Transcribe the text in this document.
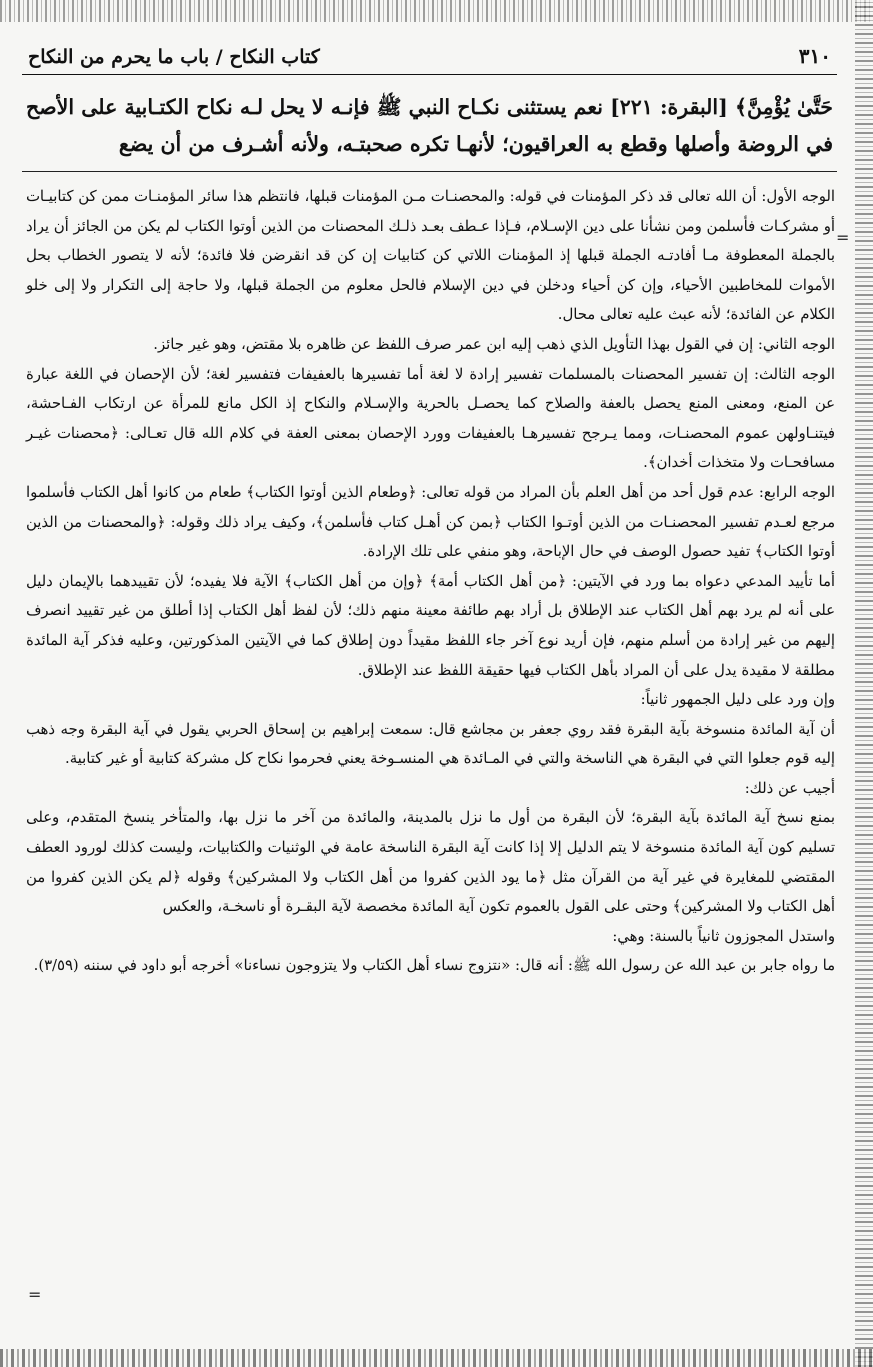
=
=
٣١٠
كتاب النكاح / باب ما يحرم من النكاح
حَتَّىٰ يُؤْمِنَّ﴾ [البقرة: ٢٢١] نعم يستثنى نكـاح النبي ﷺ فإنـه لا يحل لـه نكاح الكتـابية على الأصح في الروضة وأصلها وقطع به العراقيون؛ لأنهـا تكره صحبتـه، ولأنه أشـرف من أن يضع

الوجه الأول: أن الله تعالى قد ذكر المؤمنات في قوله: والمحصنـات مـن المؤمنات قبلها، فانتظم هذا سائر المؤمنـات ممن كن كتابيـات أو مشركـات فأسلمن ومن نشأنا على دين الإسـلام، فـإذا عـطف بعـد ذلـك المحصنات من الذين أوتوا الكتاب لم يكن من الجائز أن يراد بالجملة المعطوفة مـا أفادتـه الجملة قبلها إذ المؤمنات اللاتي كن كتابيات إن كن قد انقرضن فلا فائدة؛ لأنه لا يتصور الخطاب بحل الأموات للمخاطبين الأحياء، وإن كن أحياء ودخلن في دين الإسلام فالحل معلوم من الجملة قبلها، ولا حاجة إلى التكرار ولا إلى خلو الكلام عن الفائدة؛ لأنه عبث عليه تعالى محال.

الوجه الثاني: إن في القول بهذا التأويل الذي ذهب إليه ابن عمر صرف اللفظ عن ظاهره بلا مقتض، وهو غير جائز.

الوجه الثالث: إن تفسير المحصنات بالمسلمات تفسير إرادة لا لغة أما تفسيرها بالعفيفات فتفسير لغة؛ لأن الإحصان في اللغة عبارة عن المنع، ومعنى المنع يحصل بالعفة والصلاح كما يحصـل بالحرية والإسـلام والنكاح إذ الكل مانع للمرأة عن ارتكاب الفـاحشة، فيتنـاولهن عموم المحصنـات، ومما يـرجح تفسيرهـا بالعفيفات وورد الإحصان بمعنى العفة في كلام الله قال تعـالى: ﴿محصنات غيـر مسافحـات ولا متخذات أخدان﴾.

الوجه الرابع: عدم قول أحد من أهل العلم بأن المراد من قوله تعالى: ﴿وطعام الذين أوتوا الكتاب﴾ طعام من كانوا أهل الكتاب فأسلموا مرجع لعـدم تفسير المحصنـات من الذين أوتـوا الكتاب ﴿بمن كن أهـل كتاب فأسلمن﴾، وكيف يراد ذلك وقوله: ﴿والمحصنات من الذين أوتوا الكتاب﴾ تفيد حصول الوصف في حال الإباحة، وهو منفي على تلك الإرادة.

أما تأييد المدعي دعواه بما ورد في الآيتين: ﴿من أهل الكتاب أمة﴾ ﴿وإن من أهل الكتاب﴾ الآية فلا يفيده؛ لأن تقييدهما بالإيمان دليل على أنه لم يرد بهم أهل الكتاب عند الإطلاق بل أراد بهم طائفة معينة منهم ذلك؛ لأن لفظ أهل الكتاب إذا أطلق من غير تقييد انصرف إليهم من غير إرادة من أسلم منهم، فإن أريد نوع آخر جاء اللفظ مقيداً دون إطلاق كما في الآيتين المذكورتين، وعليه فذكر آية المائدة مطلقة لا مقيدة يدل على أن المراد بأهل الكتاب فيها حقيقة اللفظ عند الإطلاق.

وإن ورد على دليل الجمهور ثانياً:

أن آية المائدة منسوخة بآية البقرة فقد روي جعفر بن مجاشع قال: سمعت إبراهيم بن إسحاق الحربي يقول في آية البقرة وجه ذهب إليه قوم جعلوا التي في البقرة هي الناسخة والتي في المـائدة هي المنسـوخة يعني فحرموا نكاح كل مشركة كتابية أو غير كتابية.

أجيب عن ذلك:

بمنع نسخ آية المائدة بآية البقرة؛ لأن البقرة من أول ما نزل بالمدينة، والمائدة من آخر ما نزل بها، والمتأخر ينسخ المتقدم، وعلى تسليم كون آية المائدة منسوخة لا يتم الدليل إلا إذا كانت آية البقرة الناسخة عامة في الوثنيات والكتابيات، وليست كذلك لورود العطف المقتضي للمغايرة في غير آية من القرآن مثل ﴿ما يود الذين كفروا من أهل الكتاب ولا المشركين﴾ وقوله ﴿لم يكن الذين كفروا من أهل الكتاب ولا المشركين﴾ وحتى على القول بالعموم تكون آية المائدة مخصصة لآية البقـرة أو ناسخـة، والعكس

واستدل المجوزون ثانياً بالسنة: وهي:

ما رواه جابر بن عبد الله عن رسول الله ﷺ: أنه قال: «نتزوج نساء أهل الكتاب ولا يتزوجون نساءنا» أخرجه أبو داود في سننه (٣/٥٩).
